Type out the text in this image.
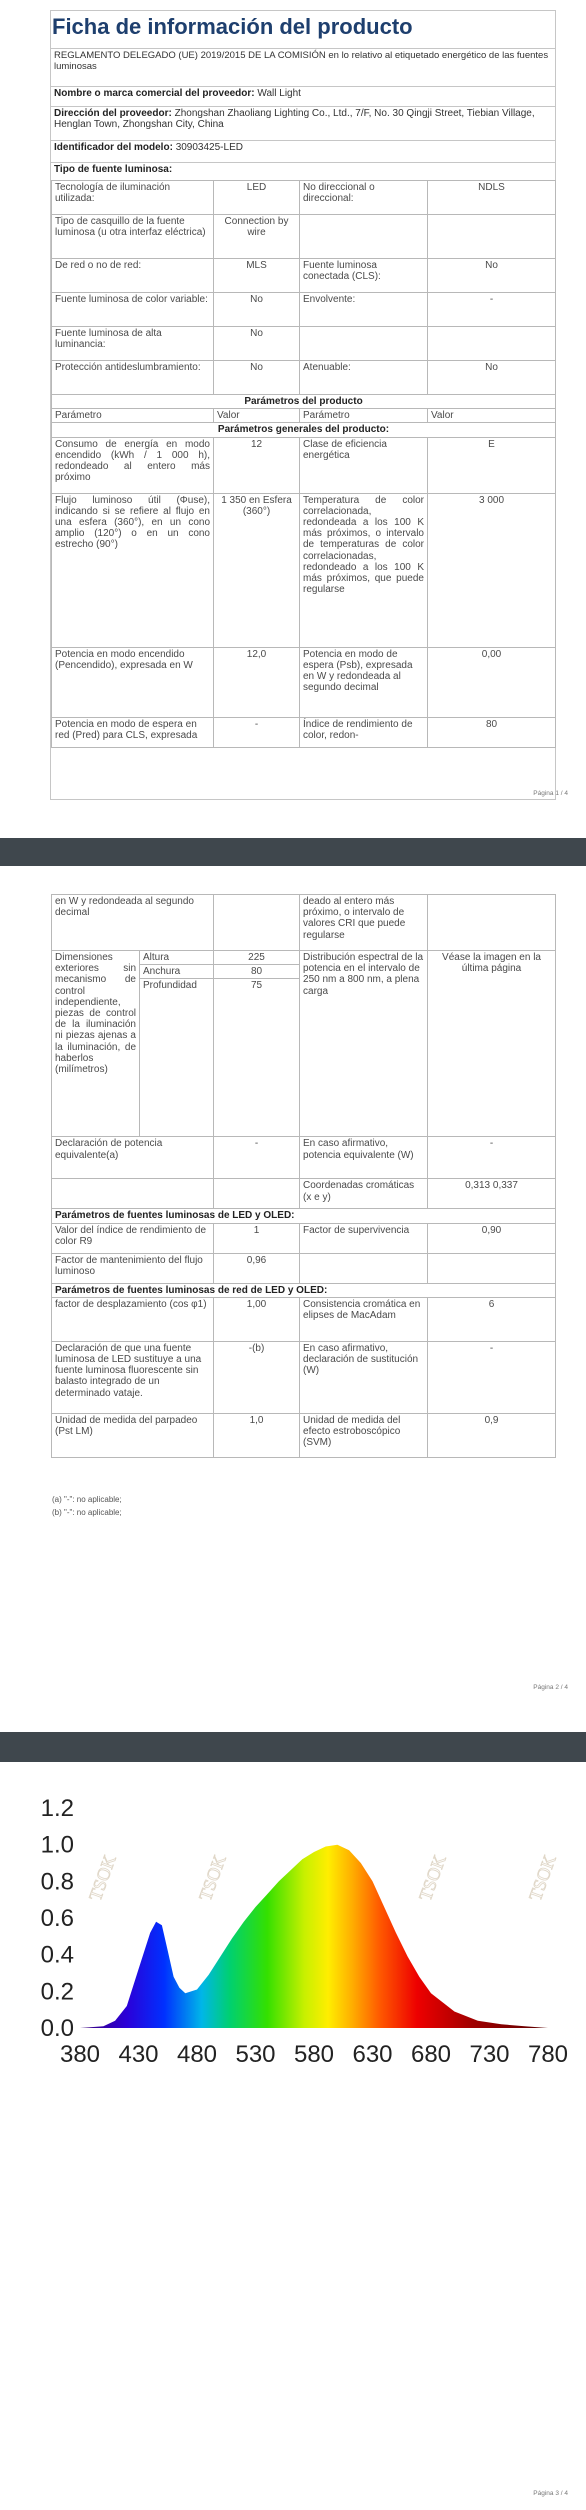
Ficha de información del producto
REGLAMENTO DELEGADO (UE) 2019/2015 DE LA COMISIÓN en lo relativo al etiquetado energético de las fuentes luminosas
Nombre o marca comercial del proveedor: Wall Light
Dirección del proveedor: Zhongshan Zhaoliang Lighting Co., Ltd., 7/F, No. 30 Qingji Street, Tiebian Village, Henglan Town, Zhongshan City, China
Identificador del modelo: 30903425-LED
Tipo de fuente luminosa:
Tecnología de iluminación utilizada:	LED	No direccional o direccional:	NDLS
Tipo de casquillo de la fuente luminosa (u otra interfaz eléctrica)	Connection by wire		
De red o no de red:	MLS	Fuente luminosa conectada (CLS):	No
Fuente luminosa de color variable:	No	Envolvente:	-
Fuente luminosa de alta luminancia:	No		
Protección antideslumbramiento:	No	Atenuable:	No
Parámetros del producto			
Parámetro	Valor	Parámetro	Valor
Parámetros generales del producto:			
Consumo de energía en modo encendido (kWh / 1 000 h), redondeado al entero más próximo	12	Clase de eficiencia energética	E
Flujo luminoso útil (Φuse), indicando si se refiere al flujo en una esfera (360°), en un cono amplio (120°) o en un cono estrecho (90°)	1 350 en Esfera (360°)	Temperatura de color correlacionada, redondeada a los 100 K más próximos, o intervalo de temperaturas de color correlacionadas, redondeado a los 100 K más próximos, que puede regularse	3 000
Potencia en modo encendido (Pencendido), expresada en W	12,0	Potencia en modo de espera (Psb), expresada en W y redondeada al segundo decimal	0,00
Potencia en modo de espera en red (Pred) para CLS, expresada	-	Índice de rendimiento de color, redon-	80
Página 1 / 4
en W y redondeada al segundo decimal			deado al entero más próximo, o intervalo de valores CRI que puede regularse	
Dimensiones exteriores sin mecanismo de control independiente, piezas de control de la iluminación ni piezas ajenas a la iluminación, de haberlos (milímetros)	Altura	225	Distribución espectral de la potencia en el intervalo de 250 nm a 800 nm, a plena carga	Véase la imagen en la última página
	Anchura	80		
	Profundidad	75		
Declaración de potencia equivalente(a)		-	En caso afirmativo, potencia equivalente (W)	-
			Coordenadas cromáticas (x e y)	0,313 0,337
Parámetros de fuentes luminosas de LED y OLED:				
Valor del índice de rendimiento de color R9		1	Factor de supervivencia	0,90
Factor de mantenimiento del flujo luminoso		0,96		
Parámetros de fuentes luminosas de red de LED y OLED:				
factor de desplazamiento (cos φ1)		1,00	Consistencia cromática en elipses de MacAdam	6
Declaración de que una fuente luminosa de LED sustituye a una fuente luminosa fluorescente sin balasto integrado de un determinado vataje.		-(b)	En caso afirmativo, declaración de sustitución (W)	-
Unidad de medida del parpadeo (Pst LM)		1,0	Unidad de medida del efecto estroboscópico (SVM)	0,9
(a) "-": no aplicable;
(b) "-": no aplicable;
Página 2 / 4
0.0
0.2
0.4
0.6
0.8
1.0
1.2
TSOK	TSOK	TSOK	TSOK
380 430 480 530 580 630 680 730 780
Página 3 / 4
